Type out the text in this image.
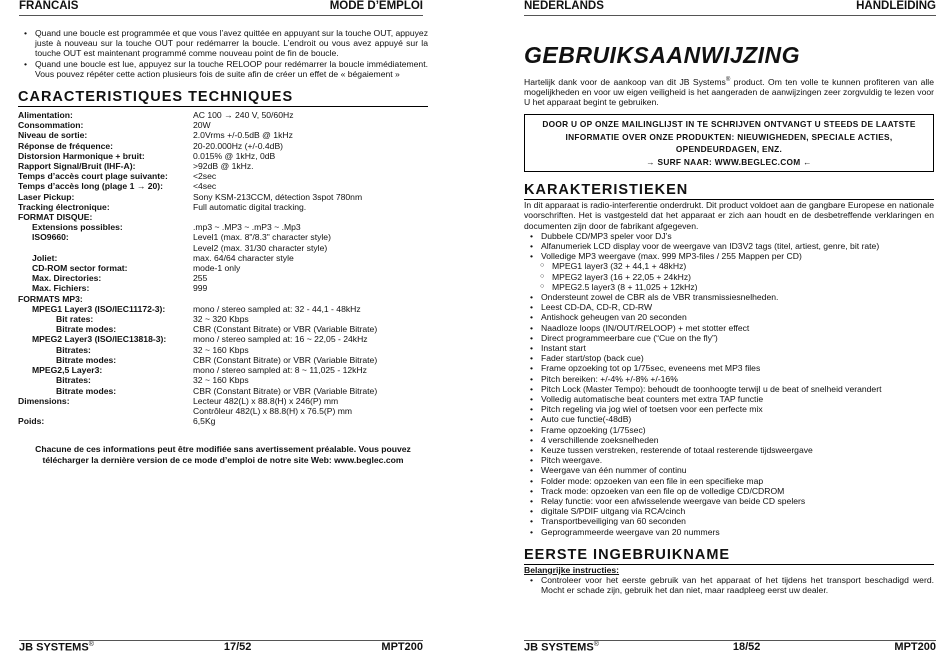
FRANCAIS	MODE D’EMPLOI
• Quand une boucle est programmée et que vous l’avez quittée en appuyant sur la touche OUT, appuyez juste à nouveau sur la touche OUT pour redémarrer la boucle. L’endroit ou vous avez appuyé sur la touche OUT est maintenant programmé comme nouveau point de fin de boucle.
• Quand une boucle est lue, appuyez sur la touche RELOOP pour redémarrer la boucle immédiatement. Vous pouvez répéter cette action plusieurs fois de suite afin de créer un effet de « bégaiement »
CARACTERISTIQUES TECHNIQUES
Alimentation:	AC 100 → 240 V, 50/60Hz
Consommation:	20W
Niveau de sortie:	2.0Vrms +/-0.5dB @ 1kHz
Réponse de fréquence:	20-20.000Hz (+/-0.4dB)
Distorsion Harmonique + bruit:	0.015% @ 1kHz, 0dB
Rapport Signal/Bruit (IHF-A):	>92dB @ 1kHz.
Temps d’accès court plage suivante:	<2sec
Temps d’accès long (plage 1 → 20):	<4sec
Laser Pickup:	Sony KSM-213CCM, détection 3spot 780nm
Tracking électronique:	Full automatic digital tracking.
FORMAT DISQUE:
Extensions possibles:	.mp3 ~ .MP3 ~ .mP3 ~ .Mp3
ISO9660:	Level1 (max. 8"/8.3" character style)
Level2 (max. 31/30 character style)
Joliet:	max. 64/64 character style
CD-ROM sector format:	mode-1 only
Max. Directories:	255
Max. Fichiers:	999
FORMATS MP3:
MPEG1 Layer3 (ISO/IEC11172-3):	mono / stereo sampled at: 32 - 44,1 - 48kHz
Bit rates:	32 ~ 320 Kbps
Bitrate modes:	CBR (Constant Bitrate) or VBR (Variable Bitrate)
MPEG2 Layer3 (ISO/IEC13818-3):	mono / stereo sampled at: 16 ~ 22,05 - 24kHz
Bitrates:	32 ~ 160 Kbps
Bitrate modes:	CBR (Constant Bitrate) or VBR (Variable Bitrate)
MPEG2,5 Layer3:	mono / stereo sampled at: 8 ~ 11,025 - 12kHz
Bitrates:	32 ~ 160 Kbps
Bitrate modes:	CBR (Constant Bitrate) or VBR (Variable Bitrate)
Dimensions:	Lecteur 482(L) x 88.8(H) x 246(P) mm
Contrôleur 482(L) x 88.8(H) x 76.5(P) mm
Poids:	6,5Kg
Chacune de ces informations peut être modifiée sans avertissement préalable. Vous pouvez télécharger la dernière version de ce mode d’emploi de notre site Web: www.beglec.com
JB SYSTEMS®	17/52	MPT200
NEDERLANDS	HANDLEIDING
GEBRUIKSAANWIJZING
Hartelijk dank voor de aankoop van dit JB Systems® product. Om ten volle te kunnen profiteren van alle mogelijkheden en voor uw eigen veiligheid is het aangeraden de aanwijzingen zeer zorgvuldig te lezen voor U het apparaat begint te gebruiken.
DOOR U OP ONZE MAILINGLIJST IN TE SCHRIJVEN ONTVANGT U STEEDS DE LAATSTE INFORMATIE OVER ONZE PRODUKTEN: NIEUWIGHEDEN, SPECIALE ACTIES, OPENDEURDAGEN, ENZ.
→ SURF NAAR: WWW.BEGLEC.COM ←
KARAKTERISTIEKEN
In dit apparaat is radio-interferentie onderdrukt. Dit product voldoet aan de gangbare Europese en nationale voorschriften. Het is vastgesteld dat het apparaat er zich aan houdt en de desbetreffende verklaringen en documenten zijn door de fabrikant afgegeven.
• Dubbele CD/MP3 speler voor DJ’s
• Alfanumeriek LCD display voor de weergave van ID3V2 tags (titel, artiest, genre, bit rate)
• Volledige MP3 weergave (max. 999 MP3-files / 255 Mappen per CD)
○ MPEG1 layer3 (32 + 44,1 + 48kHz)
○ MPEG2 layer3 (16 + 22,05 + 24kHz)
○ MPEG2.5 layer3 (8 + 11,025 + 12kHz)
• Ondersteunt zowel de CBR als de VBR transmissiesnelheden.
• Leest CD-DA, CD-R, CD-RW
• Antishock geheugen van 20 seconden
• Naadloze loops (IN/OUT/RELOOP) + met stotter effect
• Direct programmeerbare cue (“Cue on the fly”)
• Instant start
• Fader start/stop (back cue)
• Frame opzoeking tot op 1/75sec, eveneens met MP3 files
• Pitch bereiken: +/-4% +/-8% +/-16%
• Pitch Lock (Master Tempo): behoudt de toonhoogte terwijl u de beat of snelheid verandert
• Volledig automatische beat counters met extra TAP functie
• Pitch regeling via jog wiel of toetsen voor een perfecte mix
• Auto cue functie(-48dB)
• Frame opzoeking (1/75sec)
• 4 verschillende zoeksnelheden
• Keuze tussen verstreken, resterende of totaal resterende tijdsweergave
• Pitch weergave.
• Weergave van één nummer of continu
• Folder mode: opzoeken van een file in een specifieke map
• Track mode: opzoeken van een file op de volledige CD/CDROM
• Relay functie: voor een afwisselende weergave van beide CD spelers
• digitale S/PDIF uitgang via RCA/cinch
• Transportbeveiliging van 60 seconden
• Geprogrammeerde weergave van 20 nummers
EERSTE INGEBRUIKNAME
Belangrijke instructies:
• Controleer voor het eerste gebruik van het apparaat of het tijdens het transport beschadigd werd. Mocht er schade zijn, gebruik het dan niet, maar raadpleeg eerst uw dealer.
JB SYSTEMS®	18/52	MPT200
